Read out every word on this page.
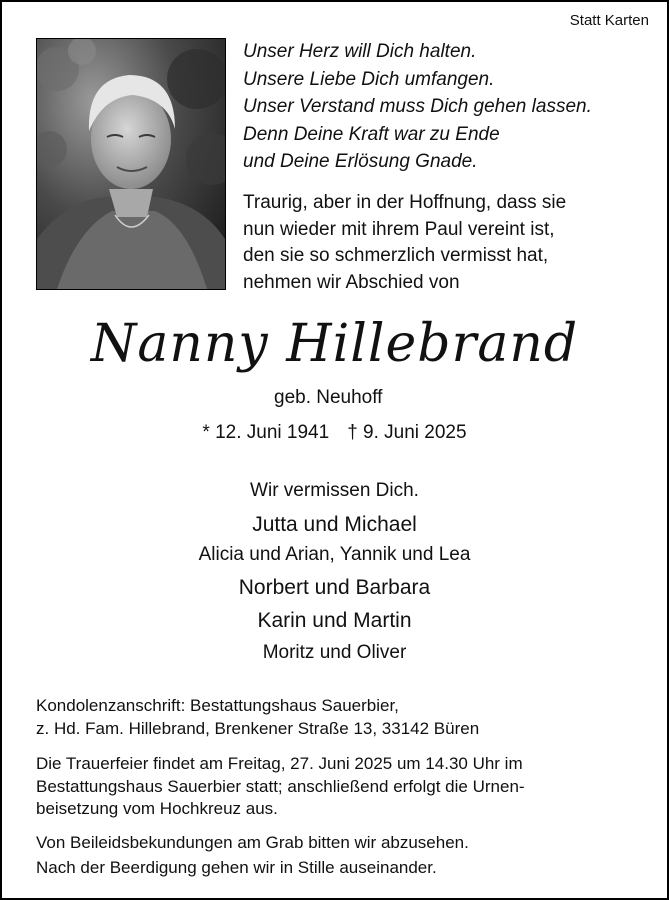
Statt Karten
Unser Herz will Dich halten.
Unsere Liebe Dich umfangen.
Unser Verstand muss Dich gehen lassen.
Denn Deine Kraft war zu Ende
und Deine Erlösung Gnade.
Traurig, aber in der Hoffnung, dass sie
nun wieder mit ihrem Paul vereint ist,
den sie so schmerzlich vermisst hat,
nehmen wir Abschied von
Nanny Hillebrand
geb. Neuhoff
* 12. Juni 1941 † 9. Juni 2025
Wir vermissen Dich.
Jutta und Michael
Alicia und Arian, Yannik und Lea
Norbert und Barbara
Karin und Martin
Moritz und Oliver
Kondolenzanschrift: Bestattungshaus Sauerbier,
z. Hd. Fam. Hillebrand, Brenkener Straße 13, 33142 Büren
Die Trauerfeier findet am Freitag, 27. Juni 2025 um 14.30 Uhr im
Bestattungshaus Sauerbier statt; anschließend erfolgt die Urnen-
beisetzung vom Hochkreuz aus.
Von Beileidsbekundungen am Grab bitten wir abzusehen.
Nach der Beerdigung gehen wir in Stille auseinander.
